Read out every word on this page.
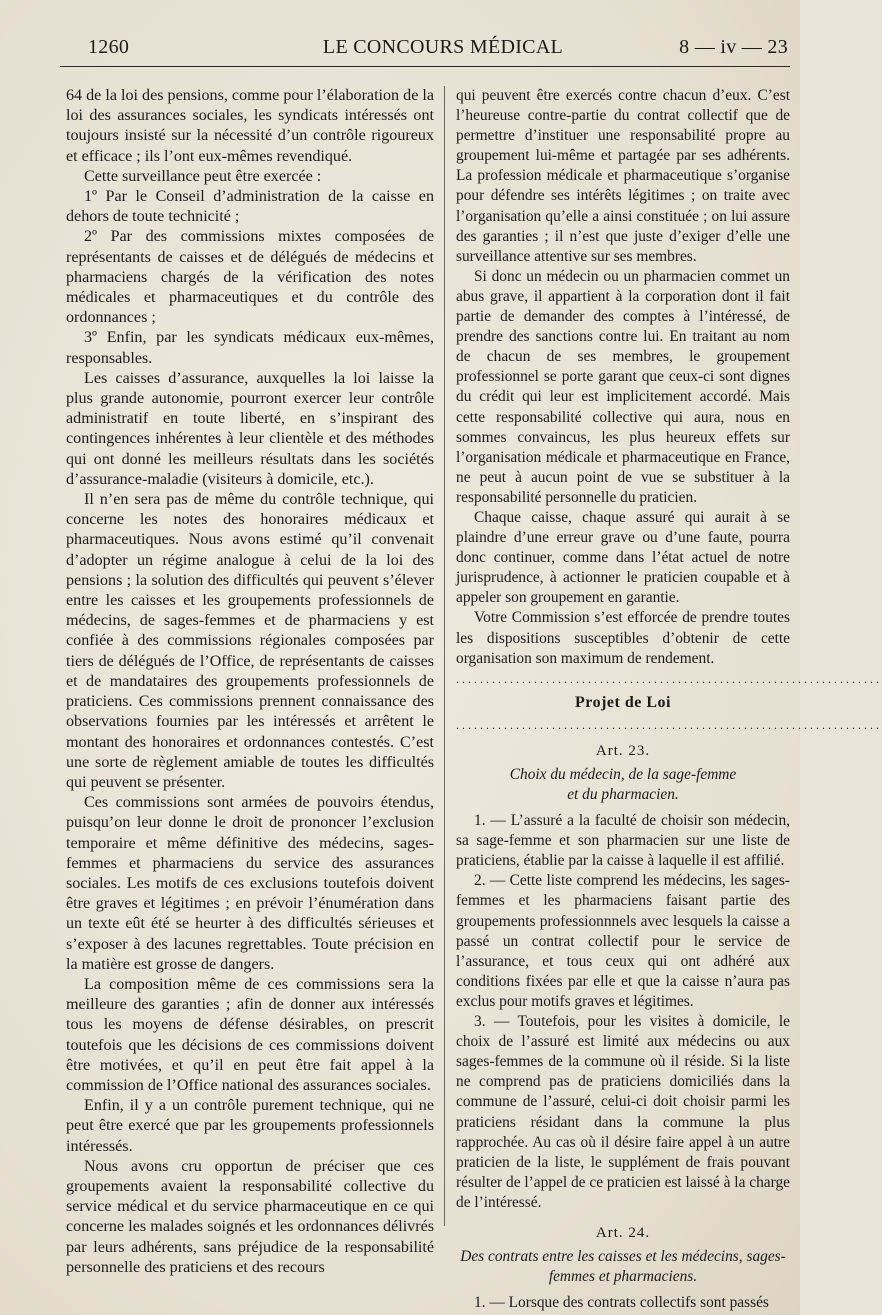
1260	LE CONCOURS MÉDICAL	8 — iv — 23

64 de la loi des pensions, comme pour l’élaboration de la loi des assurances sociales, les syndicats intéressés ont toujours insisté sur la nécessité d’un contrôle rigoureux et efficace ; ils l’ont eux-mêmes revendiqué.

Cette surveillance peut être exercée :

1º Par le Conseil d’administration de la caisse en dehors de toute technicité ;

2º Par des commissions mixtes composées de représentants de caisses et de délégués de médecins et pharmaciens chargés de la vérification des notes médicales et pharmaceutiques et du contrôle des ordonnances ;

3º Enfin, par les syndicats médicaux eux-mêmes, responsables.

Les caisses d’assurance, auxquelles la loi laisse la plus grande autonomie, pourront exercer leur contrôle administratif en toute liberté, en s’inspirant des contingences inhérentes à leur clientèle et des méthodes qui ont donné les meilleurs résultats dans les sociétés d’assurance-maladie (visiteurs à domicile, etc.).

Il n’en sera pas de même du contrôle technique, qui concerne les notes des honoraires médicaux et pharmaceutiques. Nous avons estimé qu’il convenait d’adopter un régime analogue à celui de la loi des pensions ; la solution des difficultés qui peuvent s’élever entre les caisses et les groupements professionnels de médecins, de sages-femmes et de pharmaciens y est confiée à des commissions régionales composées par tiers de délégués de l’Office, de représentants de caisses et de mandataires des groupements professionnels de praticiens. Ces commissions prennent connaissance des observations fournies par les intéressés et arrêtent le montant des honoraires et ordonnances contestés. C’est une sorte de règlement amiable de toutes les difficultés qui peuvent se présenter.

Ces commissions sont armées de pouvoirs étendus, puisqu’on leur donne le droit de prononcer l’exclusion temporaire et même définitive des médecins, sages-femmes et pharmaciens du service des assurances sociales. Les motifs de ces exclusions toutefois doivent être graves et légitimes ; en prévoir l’énumération dans un texte eût été se heurter à des difficultés sérieuses et s’exposer à des lacunes regrettables. Toute précision en la matière est grosse de dangers.

La composition même de ces commissions sera la meilleure des garanties ; afin de donner aux intéressés tous les moyens de défense désirables, on prescrit toutefois que les décisions de ces commissions doivent être motivées, et qu’il en peut être fait appel à la commission de l’Office national des assurances sociales.

Enfin, il y a un contrôle purement technique, qui ne peut être exercé que par les groupements professionnels intéressés.

Nous avons cru opportun de préciser que ces groupements avaient la responsabilité collective du service médical et du service pharmaceutique en ce qui concerne les malades soignés et les ordonnances délivrés par leurs adhérents, sans préjudice de la responsabilité personnelle des praticiens et des recours

qui peuvent être exercés contre chacun d’eux. C’est l’heureuse contre-partie du contrat collectif que de permettre d’instituer une responsabilité propre au groupement lui-même et partagée par ses adhérents. La profession médicale et pharmaceutique s’organise pour défendre ses intérêts légitimes ; on traite avec l’organisation qu’elle a ainsi constituée ; on lui assure des garanties ; il n’est que juste d’exiger d’elle une surveillance attentive sur ses membres.

Si donc un médecin ou un pharmacien commet un abus grave, il appartient à la corporation dont il fait partie de demander des comptes à l’intéressé, de prendre des sanctions contre lui. En traitant au nom de chacun de ses membres, le groupement professionnel se porte garant que ceux-ci sont dignes du crédit qui leur est implicitement accordé. Mais cette responsabilité collective qui aura, nous en sommes convaincus, les plus heureux effets sur l’organisation médicale et pharmaceutique en France, ne peut à aucun point de vue se substituer à la responsabilité personnelle du praticien.

Chaque caisse, chaque assuré qui aurait à se plaindre d’une erreur grave ou d’une faute, pourra donc continuer, comme dans l’état actuel de notre jurisprudence, à actionner le praticien coupable et à appeler son groupement en garantie.

Votre Commission s’est efforcée de prendre toutes les dispositions susceptibles d’obtenir de cette organisation son maximum de rendement.

.......................................................................
Projet de Loi
.......................................................................
Art. 23.
Choix du médecin, de la sage-femme
et du pharmacien.

1. — L’assuré a la faculté de choisir son médecin, sa sage-femme et son pharmacien sur une liste de praticiens, établie par la caisse à laquelle il est affilié.

2. — Cette liste comprend les médecins, les sages-femmes et les pharmaciens faisant partie des groupements professionnnels avec lesquels la caisse a passé un contrat collectif pour le service de l’assurance, et tous ceux qui ont adhéré aux conditions fixées par elle et que la caisse n’aura pas exclus pour motifs graves et légitimes.

3. — Toutefois, pour les visites à domicile, le choix de l’assuré est limité aux médecins ou aux sages-femmes de la commune où il réside. Si la liste ne comprend pas de praticiens domiciliés dans la commune de l’assuré, celui-ci doit choisir parmi les praticiens résidant dans la commune la plus rapprochée. Au cas où il désire faire appel à un autre praticien de la liste, le supplément de frais pouvant résulter de l’appel de ce praticien est laissé à la charge de l’intéressé.

Art. 24.
Des contrats entre les caisses et les médecins, sages-
femmes et pharmaciens.

1. — Lorsque des contrats collectifs sont passés
